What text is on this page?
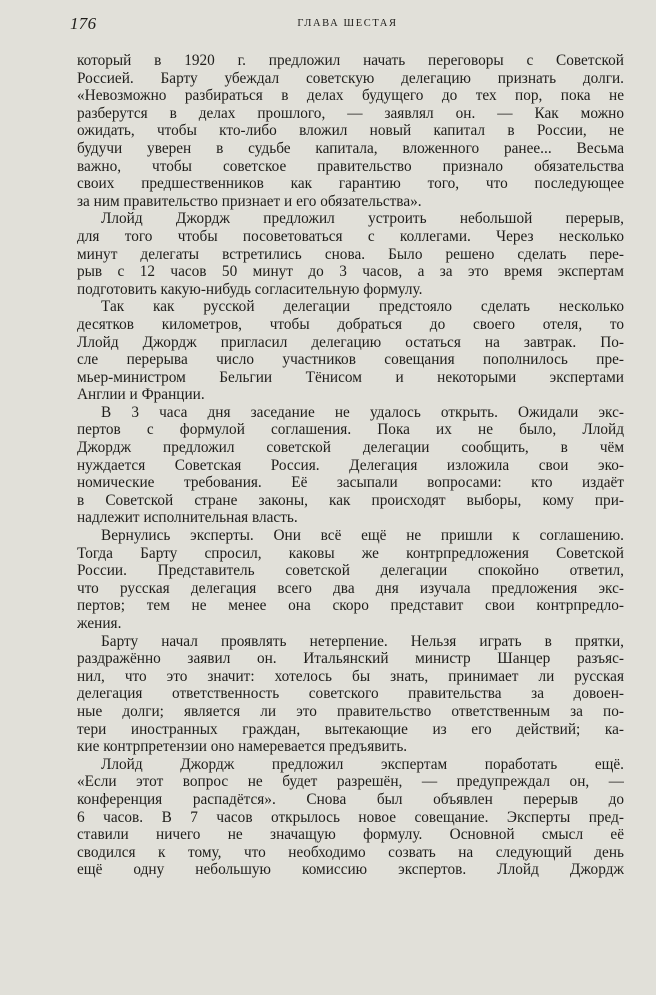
176	ГЛАВА ШЕСТАЯ
который в 1920 г. предложил начать переговоры с Советской
Россией. Барту убеждал советскую делегацию признать долги.
«Невозможно разбираться в делах будущего до тех пор, пока не
разберутся в делах прошлого, — заявлял он. — Как можно
ожидать, чтобы кто-либо вложил новый капитал в России, не
будучи уверен в судьбе капитала, вложенного ранее... Весьма
важно, чтобы советское правительство признало обязательства
своих предшественников как гарантию того, что последующее
за ним правительство признает и его обязательства».
Ллойд Джордж предложил устроить небольшой перерыв,
для того чтобы посоветоваться с коллегами. Через несколько
минут делегаты встретились снова. Было решено сделать пере-
рыв с 12 часов 50 минут до 3 часов, а за это время экспертам
подготовить какую-нибудь согласительную формулу.
Так как русской делегации предстояло сделать несколько
десятков километров, чтобы добраться до своего отеля, то
Ллойд Джордж пригласил делегацию остаться на завтрак. По-
сле перерыва число участников совещания пополнилось пре-
мьер-министром Бельгии Тёнисом и некоторыми экспертами
Англии и Франции.
В 3 часа дня заседание не удалось открыть. Ожидали экс-
пертов с формулой соглашения. Пока их не было, Ллойд
Джордж предложил советской делегации сообщить, в чём
нуждается Советская Россия. Делегация изложила свои эко-
номические требования. Её засыпали вопросами: кто издаёт
в Советской стране законы, как происходят выборы, кому при-
надлежит исполнительная власть.
Вернулись эксперты. Они всё ещё не пришли к соглашению.
Тогда Барту спросил, каковы же контрпредложения Советской
России. Представитель советской делегации спокойно ответил,
что русская делегация всего два дня изучала предложения экс-
пертов; тем не менее она скоро представит свои контрпредло-
жения.
Барту начал проявлять нетерпение. Нельзя играть в прятки,
раздражённо заявил он. Итальянский министр Шанцер разъяс-
нил, что это значит: хотелось бы знать, принимает ли русская
делегация ответственность советского правительства за довоен-
ные долги; является ли это правительство ответственным за по-
тери иностранных граждан, вытекающие из его действий; ка-
кие контрпретензии оно намеревается предъявить.
Ллойд Джордж предложил экспертам поработать ещё.
«Если этот вопрос не будет разрешён, — предупреждал он, —
конференция распадётся». Снова был объявлен перерыв до
6 часов. В 7 часов открылось новое совещание. Эксперты пред-
ставили ничего не значащую формулу. Основной смысл её
сводился к тому, что необходимо созвать на следующий день
ещё одну небольшую комиссию экспертов. Ллойд Джордж
